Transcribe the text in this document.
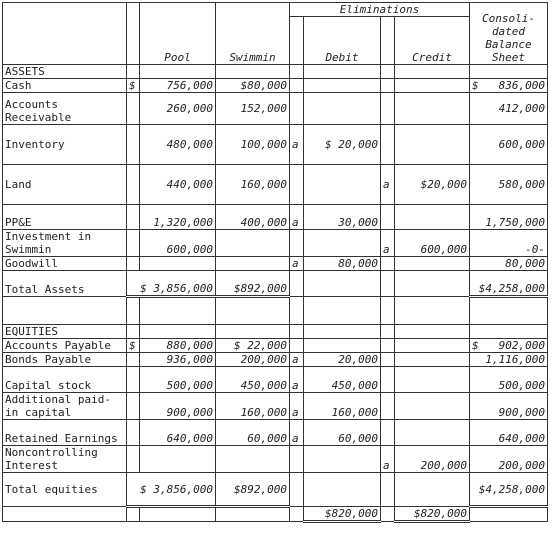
		Pool	Swimmin	Eliminations				Consoli- dated Balance Sheet
					Debit		Credit	
ASSETS								
Cash	$	756,000	$80,000					$ 836,000

Accounts Receivable		260,000	152,000					412,000
Inventory		480,000	100,000	a	$ 20,000			600,000
Land		440,000	160,000			a	$20,000	580,000
PP&E		1,320,000	400,000	a	30,000			1,750,000
Investment in Swimmin		600,000				a	600,000	-0-
Goodwill				a	80,000			80,000
Total Assets	$ 3,856,000		$892,000					$4,258,000

EQUITIES								
Accounts Payable	$	880,000	$ 22,000					$ 902,000

Bonds Payable		936,000	200,000	a	20,000			1,116,000
Capital stock		500,000	450,000	a	450,000			500,000
Additional paid-in capital		900,000	160,000	a	160,000			900,000
Retained Earnings		640,000	60,000	a	60,000			640,000
Noncontrolling Interest						a	200,000	200,000
Total equities	$ 3,856,000		$892,000					$4,258,000
					$820,000		$820,000	
